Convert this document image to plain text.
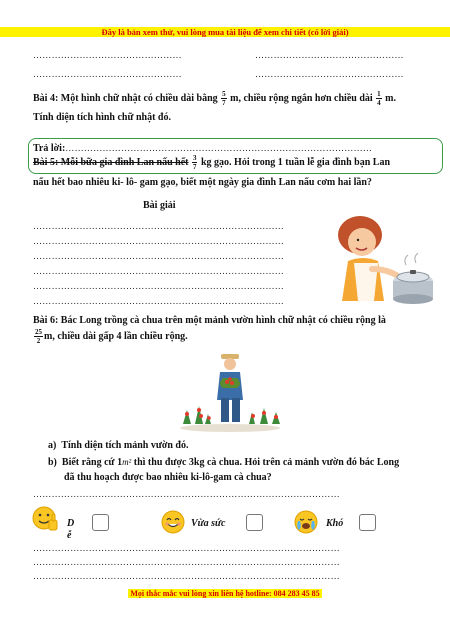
Đây là bản xem thử, vui lòng mua tài liệu để xem chi tiết (có lời giải)
…………………………………………	…………………………………………
…………………………………………	…………………………………………
Bài 4: Một hình chữ nhật có chiều dài bằng $\frac{5}{7} m$, chiều rộng ngắn hơn chiều dài $\frac{1}{4} m$.
Tính diện tích hình chữ nhật đó.
Trả lời:………………………………………………………………………………………
Bài 5: Mỗi bữa gia đình Lan nấu hết $\frac{3}{7}$ kg gạo. Hỏi trong 1 tuần lễ gia đình bạn Lan
nấu hết bao nhiêu ki- lô- gam gạo, biết một ngày gia đình Lan nấu cơm hai lần?
Bài giải
………………………………………………………………………
………………………………………………………………………
………………………………………………………………………
………………………………………………………………………
………………………………………………………………………
………………………………………………………………………
Bài 6: Bác Long trồng cà chua trên một mảnh vườn hình chữ nhật có chiều rộng là
$\frac{25}{2} m$, chiều dài gấp 4 lần chiều rộng.
a) Tính diện tích mảnh vườn đó.
b) Biết rằng cứ 1m² thì thu được 3kg cà chua. Hỏi trên cả mảnh vườn đó bác Long
đã thu hoạch được bao nhiêu ki-lô-gam cà chua?
………………………………………………………………………………………
Dễ
Vừa sức	Khó
………………………………………………………………………………………
………………………………………………………………………………………
………………………………………………………………………………………
Mọi thắc mắc vui lòng xin liên hệ hotline: 084 283 45 85
